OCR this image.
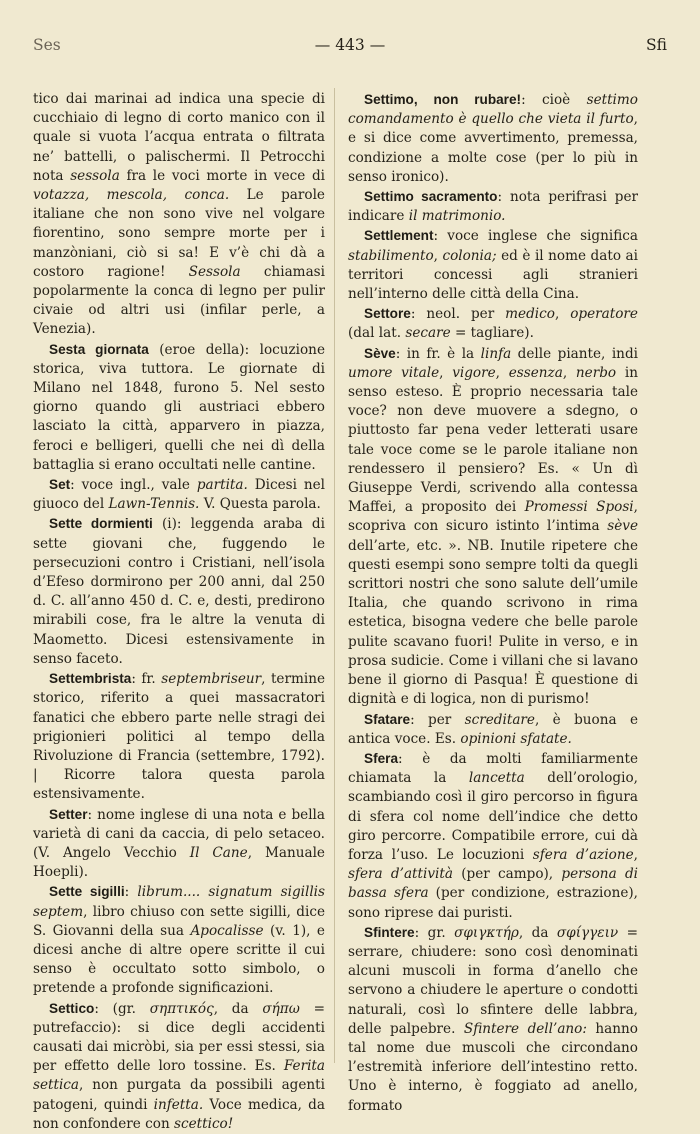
Ses	— 443 —	Sfi

tico dai marinai ad indica una specie di cucchiaio di legno di corto manico con il quale si vuota l’acqua entrata o filtrata ne’ battelli, o palischermi. Il Petrocchi nota sessola fra le voci morte in vece di votazza, mescola, conca. Le parole italiane che non sono vive nel volgare fiorentino, sono sempre morte per i manzòniani, ciò si sa! E v’è chi dà a costoro ragione! Sessola chiamasi popolarmente la conca di legno per pulir civaie od altri usi (infilar perle, a Venezia).

Sesta giornata (eroe della): locuzione storica, viva tuttora. Le giornate di Milano nel 1848, furono 5. Nel sesto giorno quando gli austriaci ebbero lasciato la città, apparvero in piazza, feroci e belligeri, quelli che nei dì della battaglia si erano occultati nelle cantine.

Set: voce ingl., vale partita. Dicesi nel giuoco del Lawn-Tennis. V. Questa parola.

Sette dormienti (i): leggenda araba di sette giovani che, fuggendo le persecuzioni contro i Cristiani, nell’isola d’Efeso dormirono per 200 anni, dal 250 d. C. all’anno 450 d. C. e, desti, predirono mirabili cose, fra le altre la venuta di Maometto. Dicesi estensivamente in senso faceto.

Settembrista: fr. septembriseur, termine storico, riferito a quei massacratori fanatici che ebbero parte nelle stragi dei prigionieri politici al tempo della Rivoluzione di Francia (settembre, 1792). | Ricorre talora questa parola estensivamente.

Setter: nome inglese di una nota e bella varietà di cani da caccia, di pelo setaceo. (V. Angelo Vecchio Il Cane, Manuale Hoepli).

Sette sigilli: librum.... signatum sigillis septem, libro chiuso con sette sigilli, dice S. Giovanni della sua Apocalisse (v. 1), e dicesi anche di altre opere scritte il cui senso è occultato sotto simbolo, o pretende a profonde significazioni.

Settico: (gr. σηπτικός, da σήπω = putrefaccio): si dice degli accidenti causati dai micròbi, sia per essi stessi, sia per effetto delle loro tossine. Es. Ferita settica, non purgata da possibili agenti patogeni, quindi infetta. Voce medica, da non confondere con scettico!

Settimo, non rubare!: cioè settimo comandamento è quello che vieta il furto, e si dice come avvertimento, premessa, condizione a molte cose (per lo più in senso ironico).

Settimo sacramento: nota perifrasi per indicare il matrimonio.

Settlement: voce inglese che significa stabilimento, colonia; ed è il nome dato ai territori concessi agli stranieri nell’interno delle città della Cina.

Settore: neol. per medico, operatore (dal lat. secare = tagliare).

Sève: in fr. è la linfa delle piante, indi umore vitale, vigore, essenza, nerbo in senso esteso. È proprio necessaria tale voce? non deve muovere a sdegno, o piuttosto far pena veder letterati usare tale voce come se le parole italiane non rendessero il pensiero? Es. « Un dì Giuseppe Verdi, scrivendo alla contessa Maffei, a proposito dei Promessi Sposi, scopriva con sicuro istinto l’intima sève dell’arte, etc. ». NB. Inutile ripetere che questi esempi sono sempre tolti da quegli scrittori nostri che sono salute dell’umile Italia, che quando scrivono in rima estetica, bisogna vedere che belle parole pulite scavano fuori! Pulite in verso, e in prosa sudicie. Come i villani che si lavano bene il giorno di Pasqua! È questione di dignità e di logica, non di purismo!

Sfatare: per screditare, è buona e antica voce. Es. opinioni sfatate.

Sfera: è da molti familiarmente chiamata la lancetta dell’orologio, scambiando così il giro percorso in figura di sfera col nome dell’indice che detto giro percorre. Compatibile errore, cui dà forza l’uso. Le locuzioni sfera d’azione, sfera d’attività (per campo), persona di bassa sfera (per condizione, estrazione), sono riprese dai puristi.

Sfintere: gr. σφιγκτήρ, da σφίγγειν = serrare, chiudere: sono così denominati alcuni muscoli in forma d’anello che servono a chiudere le aperture o condotti naturali, così lo sfintere delle labbra, delle palpebre. Sfintere dell’ano: hanno tal nome due muscoli che circondano l’estremità inferiore dell’intestino retto. Uno è interno, è foggiato ad anello, formato
